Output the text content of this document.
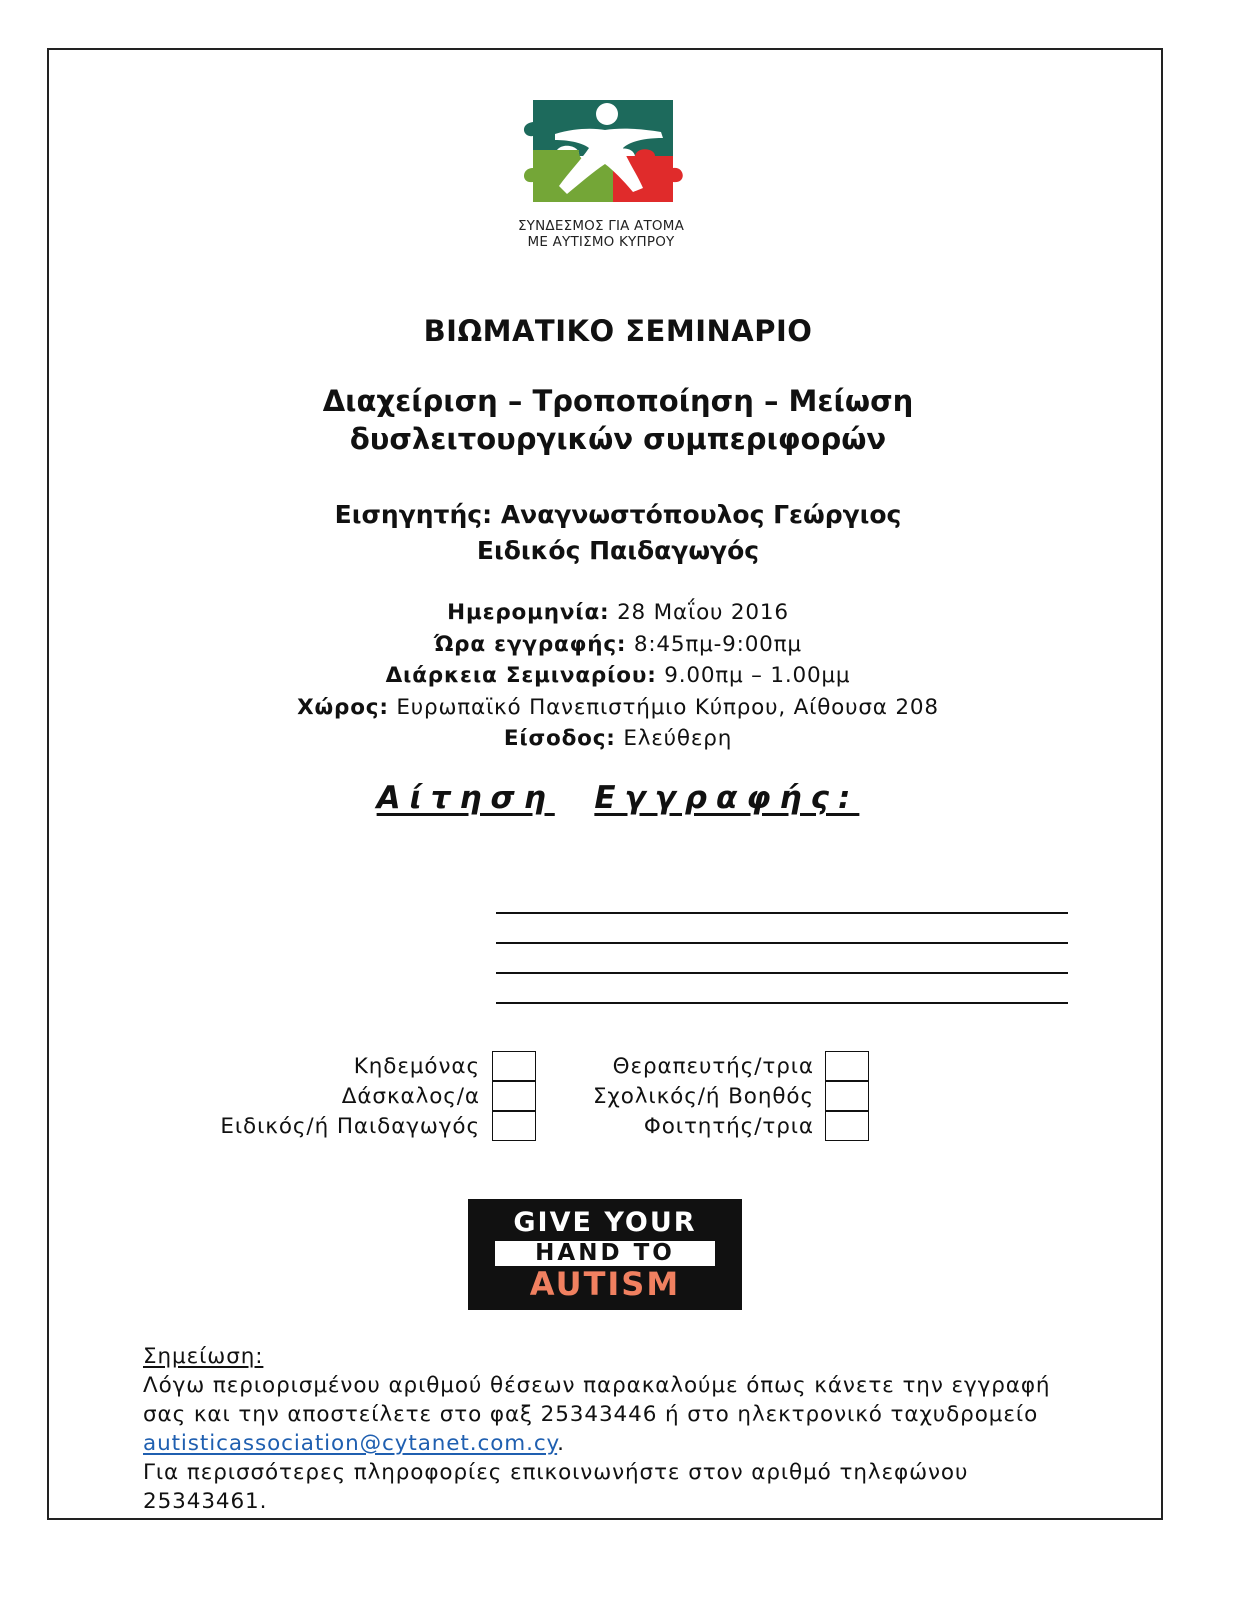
ΣΥΝΔΕΣΜΟΣ ΓΙΑ ΑΤΟΜΑ
ΜΕ ΑΥΤΙΣΜΟ ΚΥΠΡΟΥ
ΒΙΩΜΑΤΙΚΟ ΣΕΜΙΝΑΡΙΟ
Διαχείριση – Τροποποίηση – Μείωση
δυσλειτουργικών συμπεριφορών
Εισηγητής: Αναγνωστόπουλος Γεώργιος
Ειδικός Παιδαγωγός
Ημερομηνία: 28 Μαΐου 2016
Ώρα εγγραφής: 8:45πμ-9:00πμ
Διάρκεια Σεμιναρίου: 9.00πμ – 1.00μμ
Χώρος: Ευρωπαϊκό Πανεπιστήμιο Κύπρου, Αίθουσα 208
Είσοδος: Ελεύθερη
Αίτηση Εγγραφής:
Κηδεμόνας
Δάσκαλος/α
Ειδικός/ή Παιδαγωγός
Θεραπευτής/τρια
Σχολικός/ή Βοηθός
Φοιτητής/τρια
GIVE YOUR
HAND TO
AUTISM
Σημείωση:
Λόγω περιορισμένου αριθμού θέσεων παρακαλούμε όπως κάνετε την εγγραφή
σας και την αποστείλετε στο φαξ 25343446 ή στο ηλεκτρονικό ταχυδρομείο
autisticassociation@cytanet.com.cy.
Για περισσότερες πληροφορίες επικοινωνήστε στον αριθμό τηλεφώνου
25343461.
